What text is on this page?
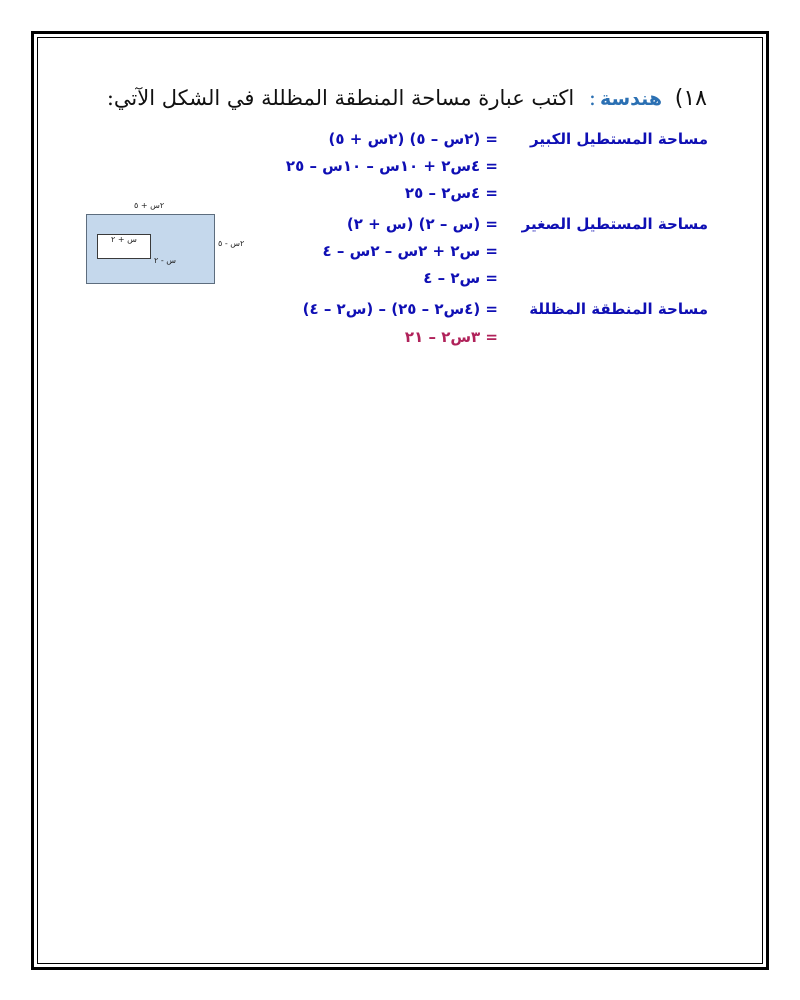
١٨) هندسة: اكتب عبارة مساحة المنطقة المظللة في الشكل الآتي:
مساحة المستطيل الكبير
= (٢س – ٥) (٢س + ٥)
= ٤س٢ + ١٠س – ١٠س – ٢٥
= ٤س٢ – ٢٥
مساحة المستطيل الصغير
= (س – ٢) (س + ٢)
= س٢ + ٢س – ٢س – ٤
= س٢ – ٤
مساحة المنطقة المظللة
= (٤س٢ – ٢٥) – (س٢ – ٤)
= ٣س٢ – ٢١
٢س + ٥
س + ٢
س - ٢
٢س - ٥
